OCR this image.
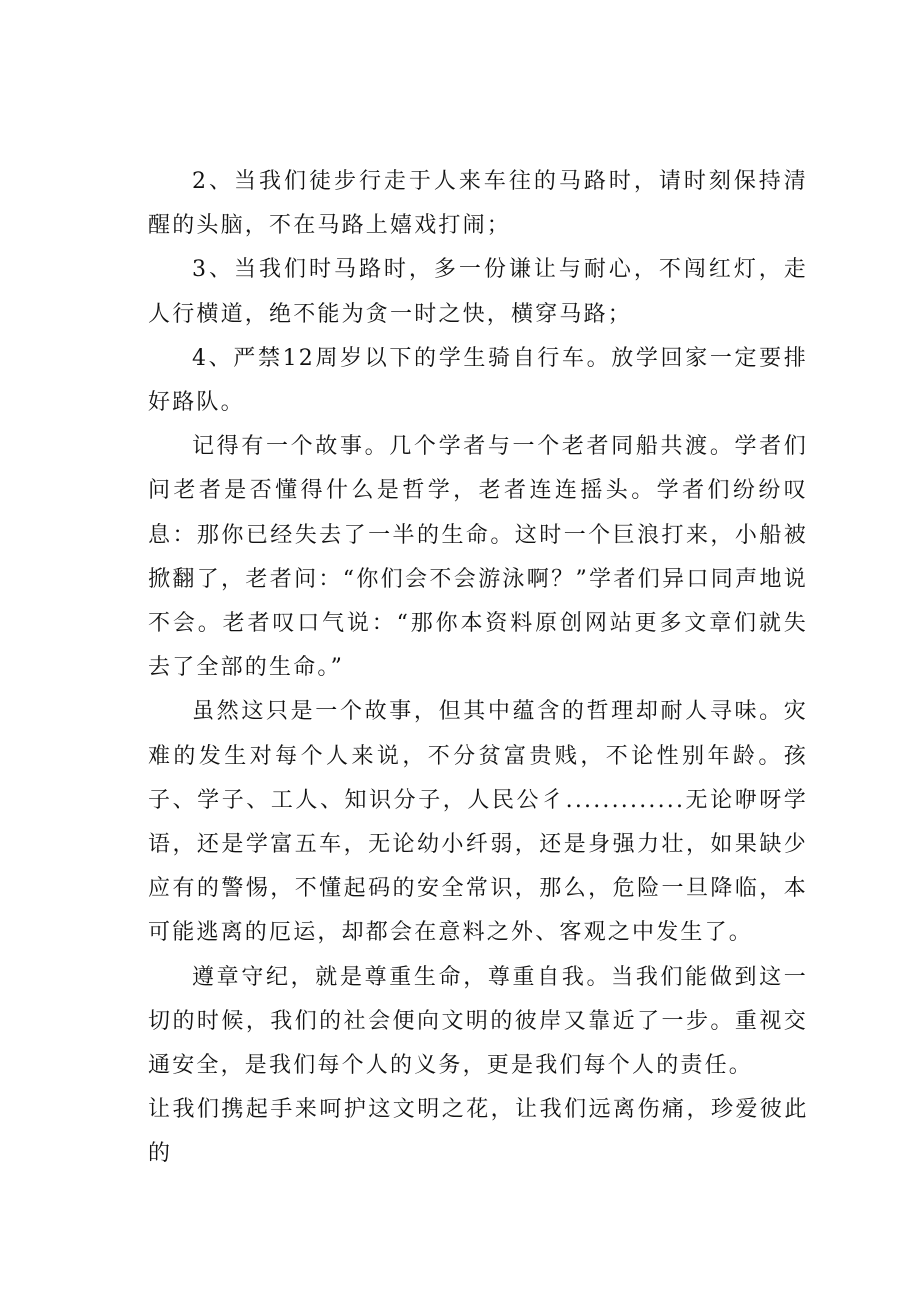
2、当我们徒步行走于人来车往的马路时，请时刻保持清醒的头脑，不在马路上嬉戏打闹；

3、当我们时马路时，多一份谦让与耐心，不闯红灯，走人行横道，绝不能为贪一时之快，横穿马路；

4、严禁12周岁以下的学生骑自行车。放学回家一定要排好路队。

记得有一个故事。几个学者与一个老者同船共渡。学者们问老者是否懂得什么是哲学，老者连连摇头。学者们纷纷叹息：那你已经失去了一半的生命。这时一个巨浪打来，小船被掀翻了，老者问：“你们会不会游泳啊？”学者们异口同声地说不会。老者叹口气说：“那你本资料原创网站更多文章们就失去了全部的生命。”

虽然这只是一个故事，但其中蕴含的哲理却耐人寻味。灾难的发生对每个人来说，不分贫富贵贱，不论性别年龄。孩子、学子、工人、知识分子，人民公彳.............无论咿呀学语，还是学富五车，无论幼小纤弱，还是身强力壮，如果缺少应有的警惕，不懂起码的安全常识，那么，危险一旦降临，本可能逃离的厄运，却都会在意料之外、客观之中发生了。

遵章守纪，就是尊重生命，尊重自我。当我们能做到这一切的时候，我们的社会便向文明的彼岸又靠近了一步。重视交通安全，是我们每个人的义务，更是我们每个人的责任。

让我们携起手来呵护这文明之花，让我们远离伤痛，珍爱彼此的
